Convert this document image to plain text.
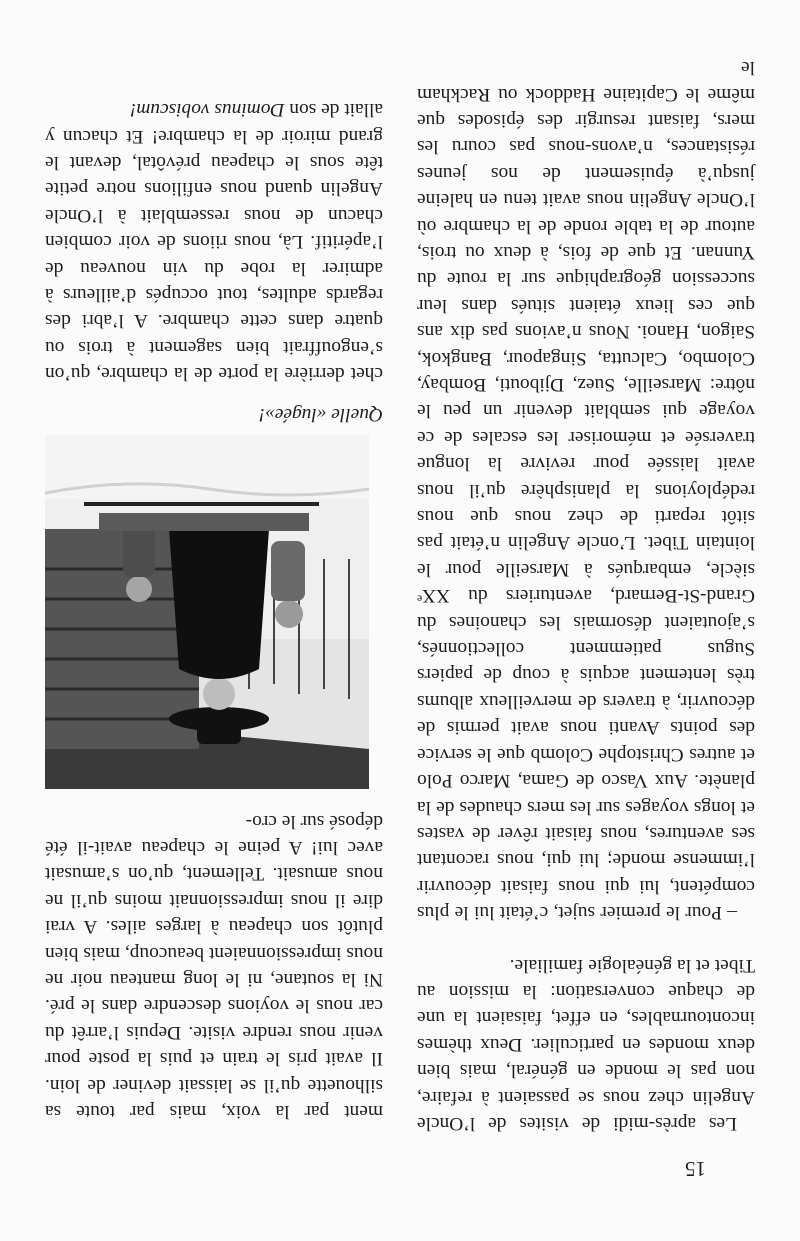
15

Les après-midi de visites de l’Oncle Angelin chez nous se passaient à refaire, non pas le monde en général, mais bien deux mondes en particulier. Deux thèmes incontournables, en effet, faisaient la une de chaque conversation: la mission au Tibet et la généalogie familiale.

– Pour le premier sujet, c’était lui le plus compétent, lui qui nous faisait découvrir l’immense monde; lui qui, nous racontant ses aventures, nous faisait rêver de vastes et longs voyages sur les mers chaudes de la planète. Aux Vasco de Gama, Marco Polo et autres Christophe Colomb que le service des points Avanti nous avait permis de découvrir, à travers de merveilleux albums très lentement acquis à coup de papiers Sugus patiemment collectionnés, s’ajoutaient désormais les chanoines du Grand-St-Bernard, aventuriers du XXᵉ siècle, embarqués à Marseille pour le lointain Tibet. L’oncle Angelin n’était pas sitôt reparti de chez nous que nous redéployions la planisphère qu’il nous avait laissée pour revivre la longue traversée et mémoriser les escales de ce voyage qui semblait devenir un peu le nôtre: Marseille, Suez, Djibouti, Bombay, Colombo, Calcutta, Singapour, Bangkok, Saigon, Hanoi. Nous n’avions pas dix ans que ces lieux étaient situés dans leur succession géographique sur la route du Yunnan. Et que de fois, à deux ou trois, autour de la table ronde de la chambre où l’Oncle Angelin nous avait tenu en haleine jusqu’à épuisement de nos jeunes résistances, n’avons-nous pas couru les mers, faisant resurgir des épisodes que même le Capitaine Haddock ou Rackham le

ment par la voix, mais par toute sa silhouette qu’il se laissait deviner de loin. Il avait pris le train et puis la poste pour venir nous rendre visite. Depuis l’arrêt du car nous le voyions descendre dans le pré. Ni la soutane, ni le long manteau noir ne nous impressionnaient beaucoup, mais bien plutôt son chapeau à larges ailes. A vrai dire il nous impressionnait moins qu’il ne nous amusait. Tellement, qu’on s’amusait avec lui! A peine le chapeau avait-il été déposé sur le cro-

Quelle «lugée»!

chet derrière la porte de la chambre, qu’on s’engouffrait bien sagement à trois ou quatre dans cette chambre. A l’abri des regards adultes, tout occupés d’ailleurs à admirer la robe du vin nouveau de l’apéritif. Là, nous riions de voir combien chacun de nous ressemblait à l’Oncle Angelin quand nous enfilions notre petite tête sous le chapeau prévôtal, devant le grand miroir de la chambre! Et chacun y allait de son Dominus vobiscum!
